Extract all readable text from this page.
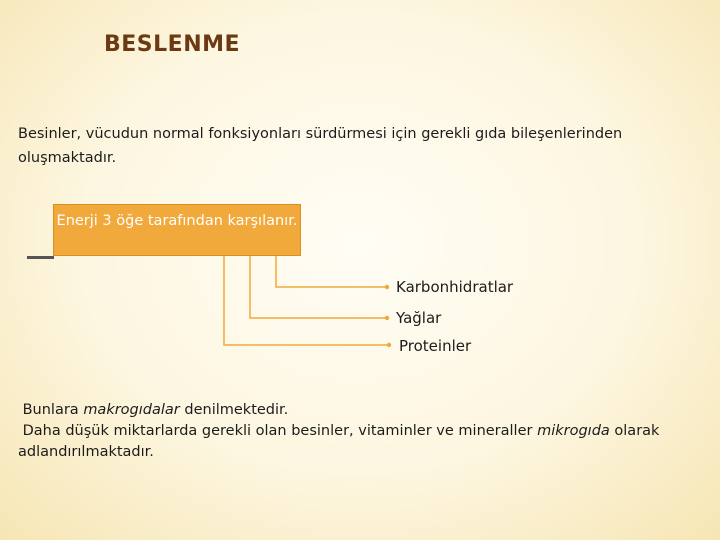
BESLENME
Besinler, vücudun normal fonksiyonları sürdürmesi için gerekli gıda bileşenlerinden oluşmaktadır.
Enerji 3 öğe tarafından karşılanır.
Karbonhidratlar
Yağlar
Proteinler

Bunlara makrogıdalar denilmektedir.

Daha düşük miktarlarda gerekli olan besinler, vitaminler ve mineraller mikrogıda olarak adlandırılmaktadır.
